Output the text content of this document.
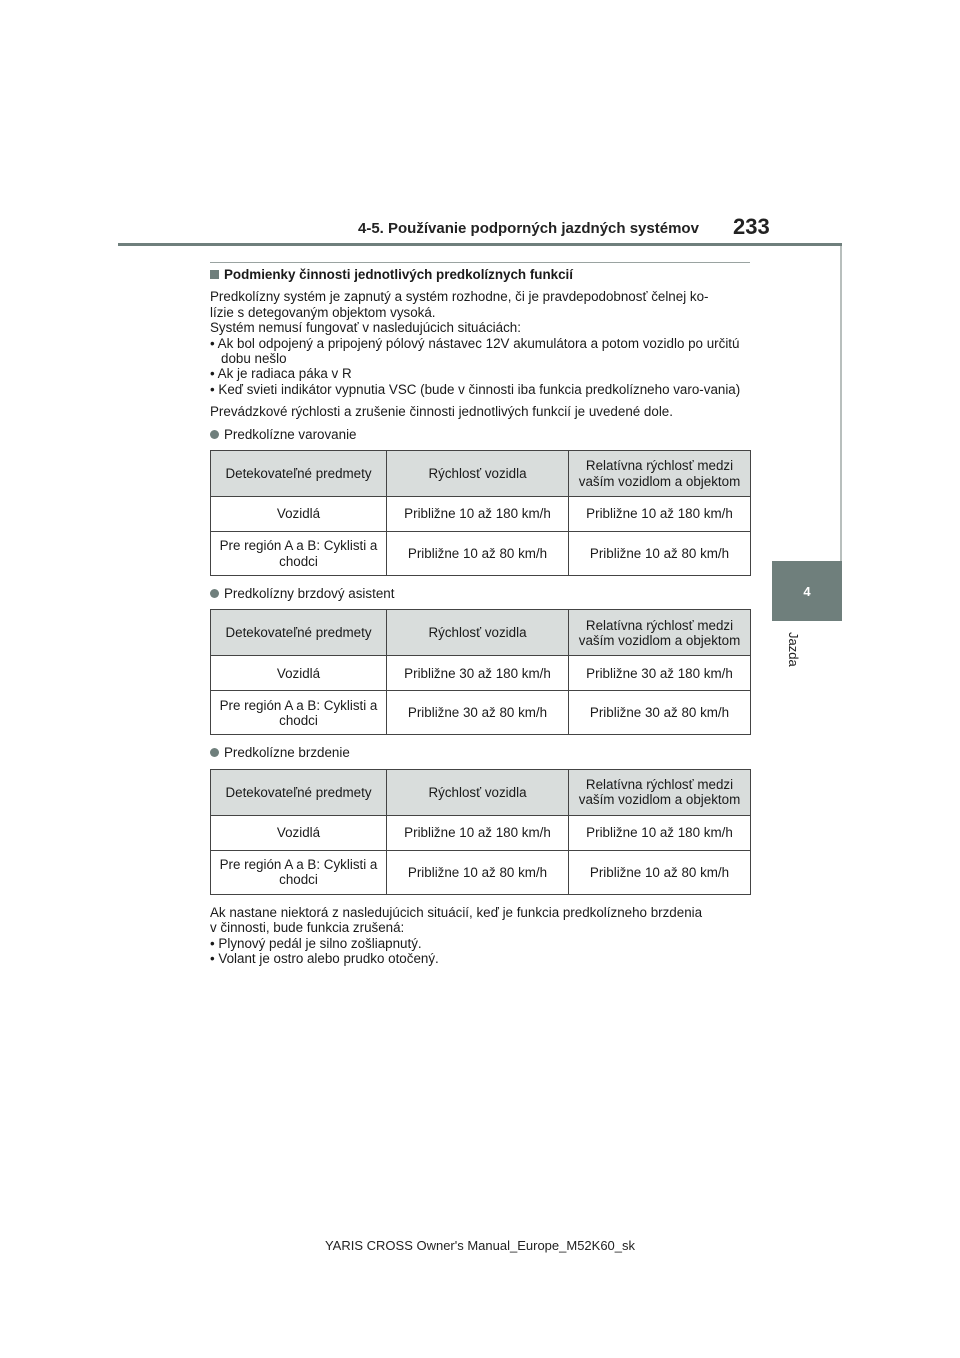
4-5. Používanie podporných jazdných systémov 233
4
Jazda
Podmienky činnosti jednotlivých predkolíznych funkcií
Predkolízny systém je zapnutý a systém rozhodne, či je pravdepodobnosť čelnej ko-
lízie s detegovaným objektom vysoká.
Systém nemusí fungovať v nasledujúcich situáciách:
• Ak bol odpojený a pripojený pólový nástavec 12V akumulátora a potom vozidlo po určitú dobu nešlo
• Ak je radiaca páka v R
• Keď svieti indikátor vypnutia VSC (bude v činnosti iba funkcia predkolízneho varo-vania)
Prevádzkové rýchlosti a zrušenie činnosti jednotlivých funkcií je uvedené dole.
Predkolízne varovanie
Detekovateľné predmety	Rýchlosť vozidla	Relatívna rýchlosť medzi vaším vozidlom a objektom
Vozidlá	Približne 10 až 180 km/h	Približne 10 až 180 km/h
Pre región A a B: Cyklisti a chodci	Približne 10 až 80 km/h	Približne 10 až 80 km/h
Predkolízny brzdový asistent
Detekovateľné predmety	Rýchlosť vozidla	Relatívna rýchlosť medzi vaším vozidlom a objektom
Vozidlá	Približne 30 až 180 km/h	Približne 30 až 180 km/h
Pre región A a B: Cyklisti a chodci	Približne 30 až 80 km/h	Približne 30 až 80 km/h
Predkolízne brzdenie
Detekovateľné predmety	Rýchlosť vozidla	Relatívna rýchlosť medzi vaším vozidlom a objektom
Vozidlá	Približne 10 až 180 km/h	Približne 10 až 180 km/h
Pre región A a B: Cyklisti a chodci	Približne 10 až 80 km/h	Približne 10 až 80 km/h
Ak nastane niektorá z nasledujúcich situácií, keď je funkcia predkolízneho brzdenia
v činnosti, bude funkcia zrušená:
• Plynový pedál je silno zošliapnutý.
• Volant je ostro alebo prudko otočený.
YARIS CROSS Owner's Manual_Europe_M52K60_sk
